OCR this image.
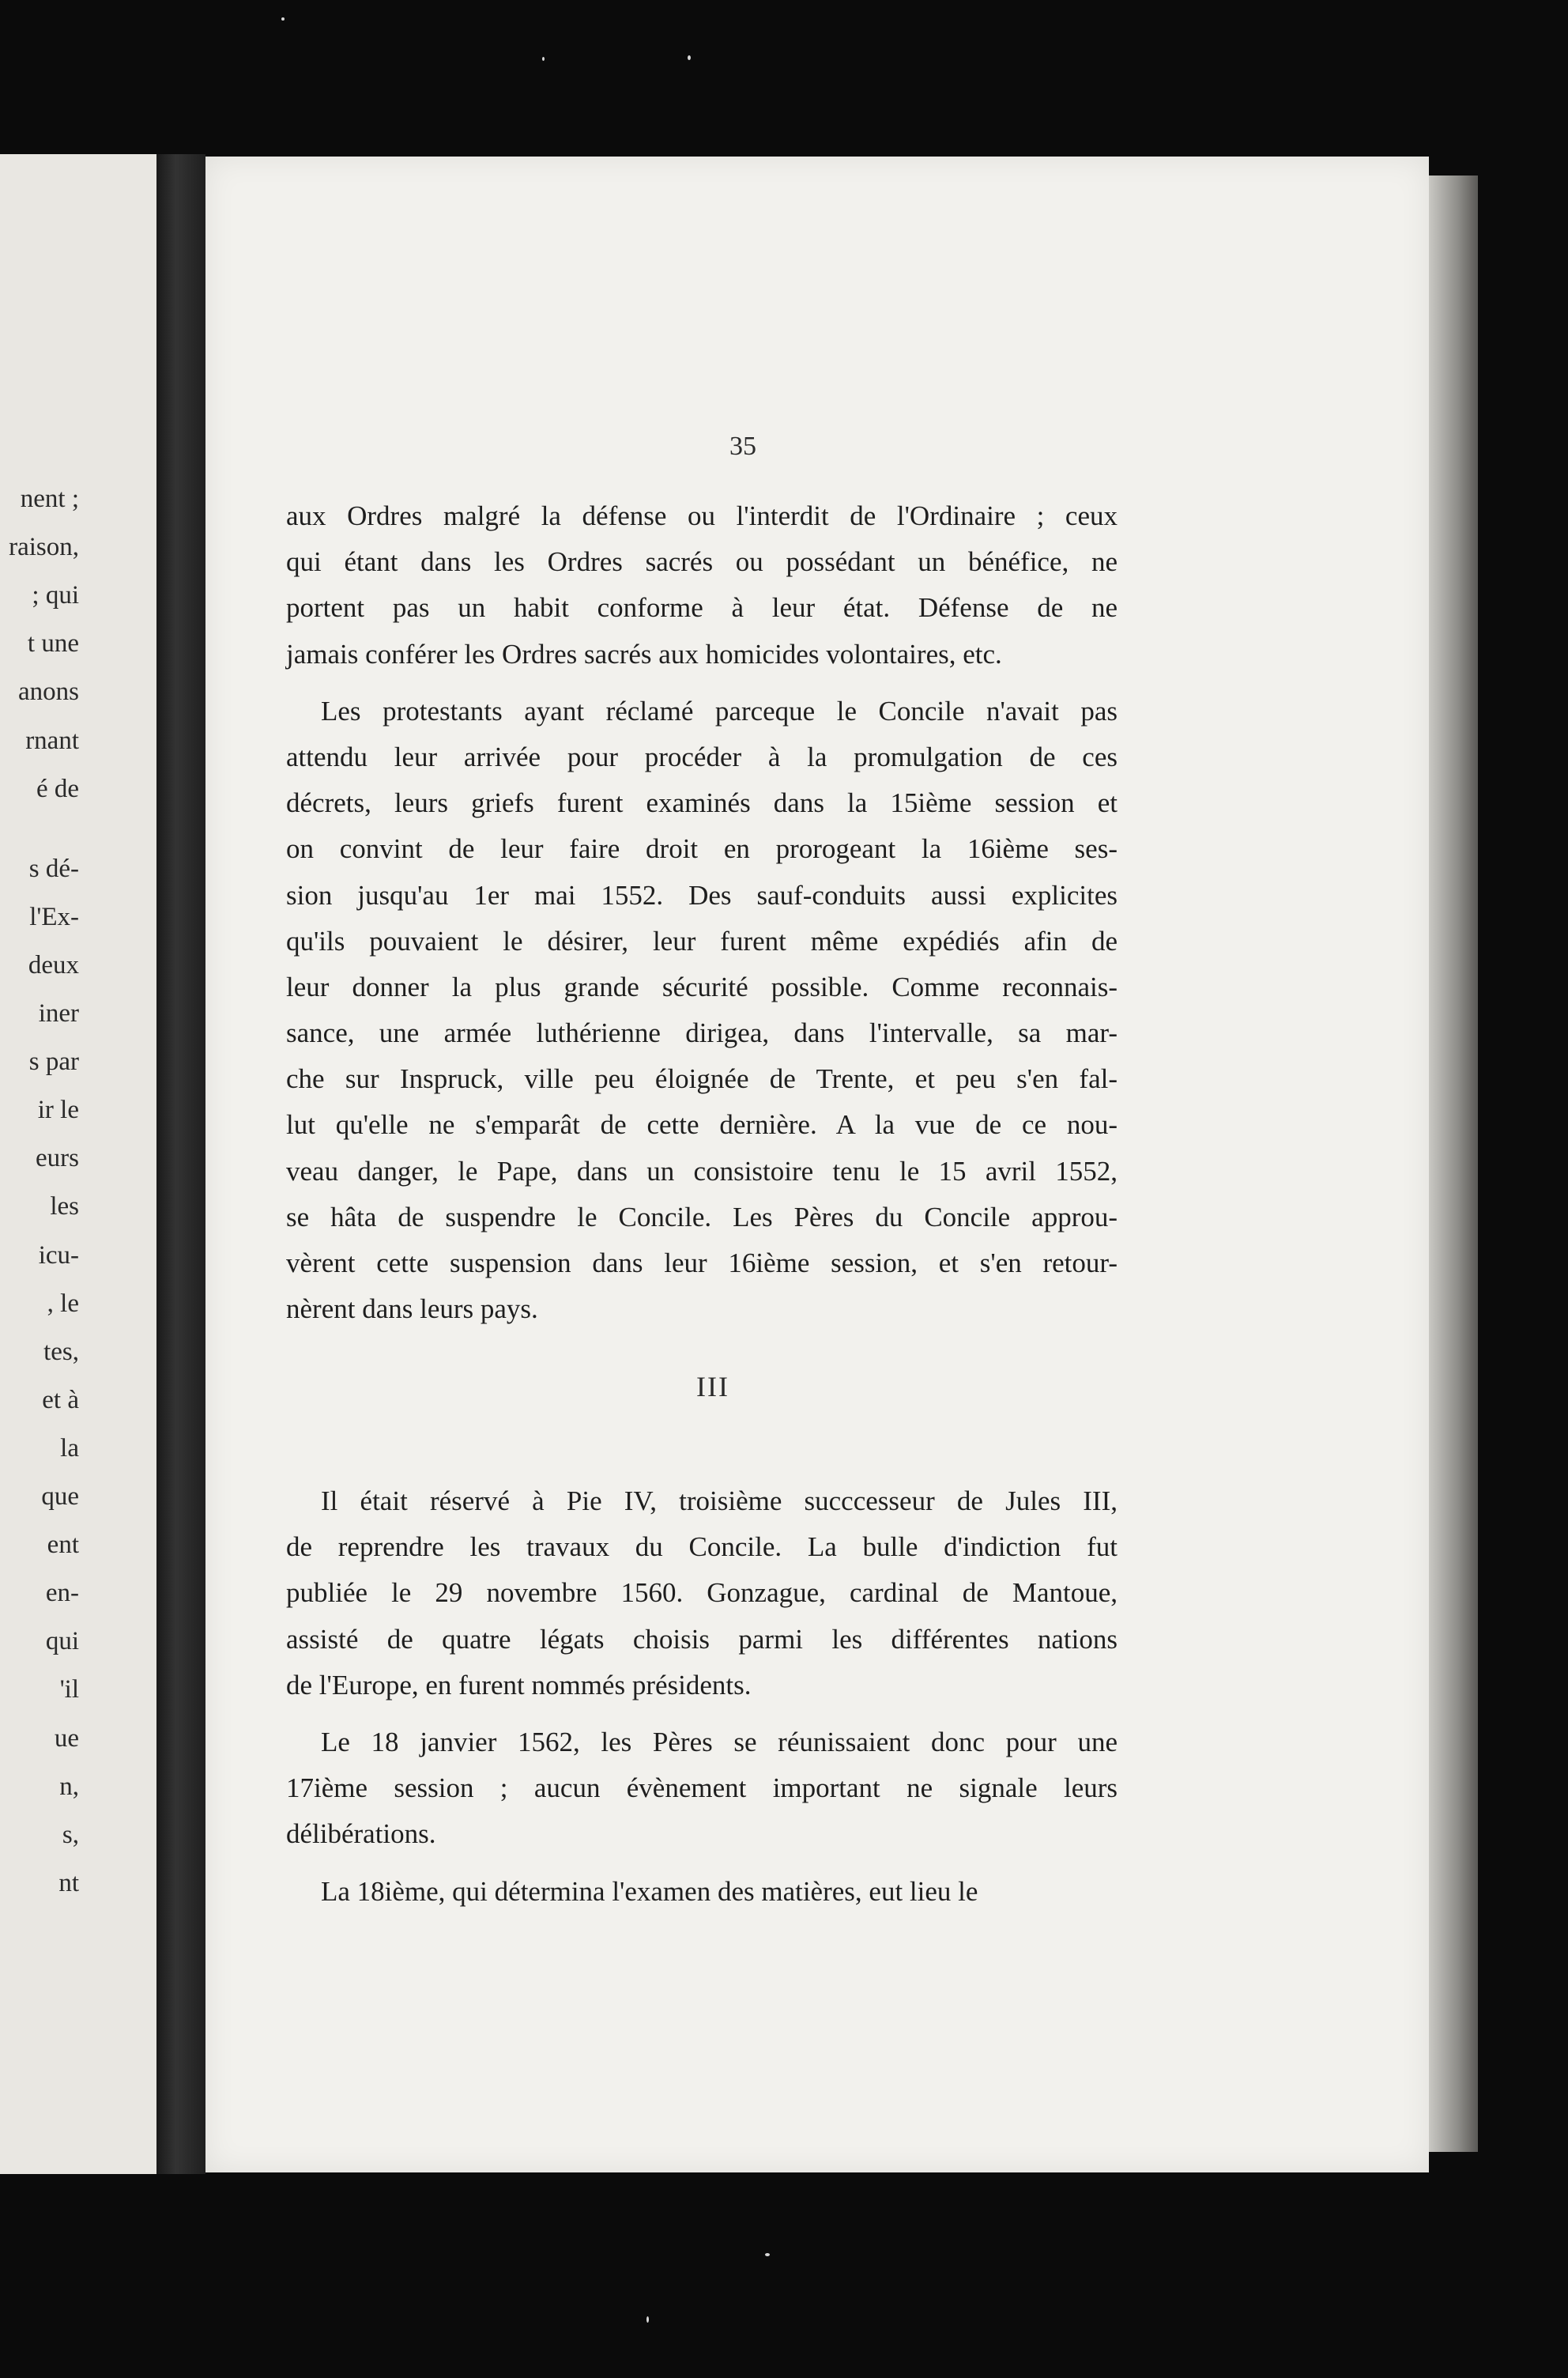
nent ;
raison,
; qui
t une
anons
rnant
é de
s dé-
l'Ex-
deux
iner
s par
ir le
eurs
les
icu-
, le
tes,
et à
la
que
ent
en-
qui
'il
ue
n,
s,
nt
35
aux Ordres malgré la défense ou l'interdit de l'Ordinaire ; ceux
qui étant dans les Ordres sacrés ou possédant un bénéfice, ne
portent pas un habit conforme à leur état. Défense de ne
jamais conférer les Ordres sacrés aux homicides volontaires, etc.
Les protestants ayant réclamé parceque le Concile n'avait pas
attendu leur arrivée pour procéder à la promulgation de ces
décrets, leurs griefs furent examinés dans la 15ième session et
on convint de leur faire droit en prorogeant la 16ième ses-
sion jusqu'au 1er mai 1552. Des sauf-conduits aussi explicites
qu'ils pouvaient le désirer, leur furent même expédiés afin de
leur donner la plus grande sécurité possible. Comme reconnais-
sance, une armée luthérienne dirigea, dans l'intervalle, sa mar-
che sur Inspruck, ville peu éloignée de Trente, et peu s'en fal-
lut qu'elle ne s'emparât de cette dernière. A la vue de ce nou-
veau danger, le Pape, dans un consistoire tenu le 15 avril 1552,
se hâta de suspendre le Concile. Les Pères du Concile approu-
vèrent cette suspension dans leur 16ième session, et s'en retour-
nèrent dans leurs pays.
III
Il était réservé à Pie IV, troisième succcesseur de Jules III,
de reprendre les travaux du Concile. La bulle d'indiction fut
publiée le 29 novembre 1560. Gonzague, cardinal de Mantoue,
assisté de quatre légats choisis parmi les différentes nations
de l'Europe, en furent nommés présidents.
Le 18 janvier 1562, les Pères se réunissaient donc pour une
17ième session ; aucun évènement important ne signale leurs
délibérations.
La 18ième, qui détermina l'examen des matières, eut lieu le
